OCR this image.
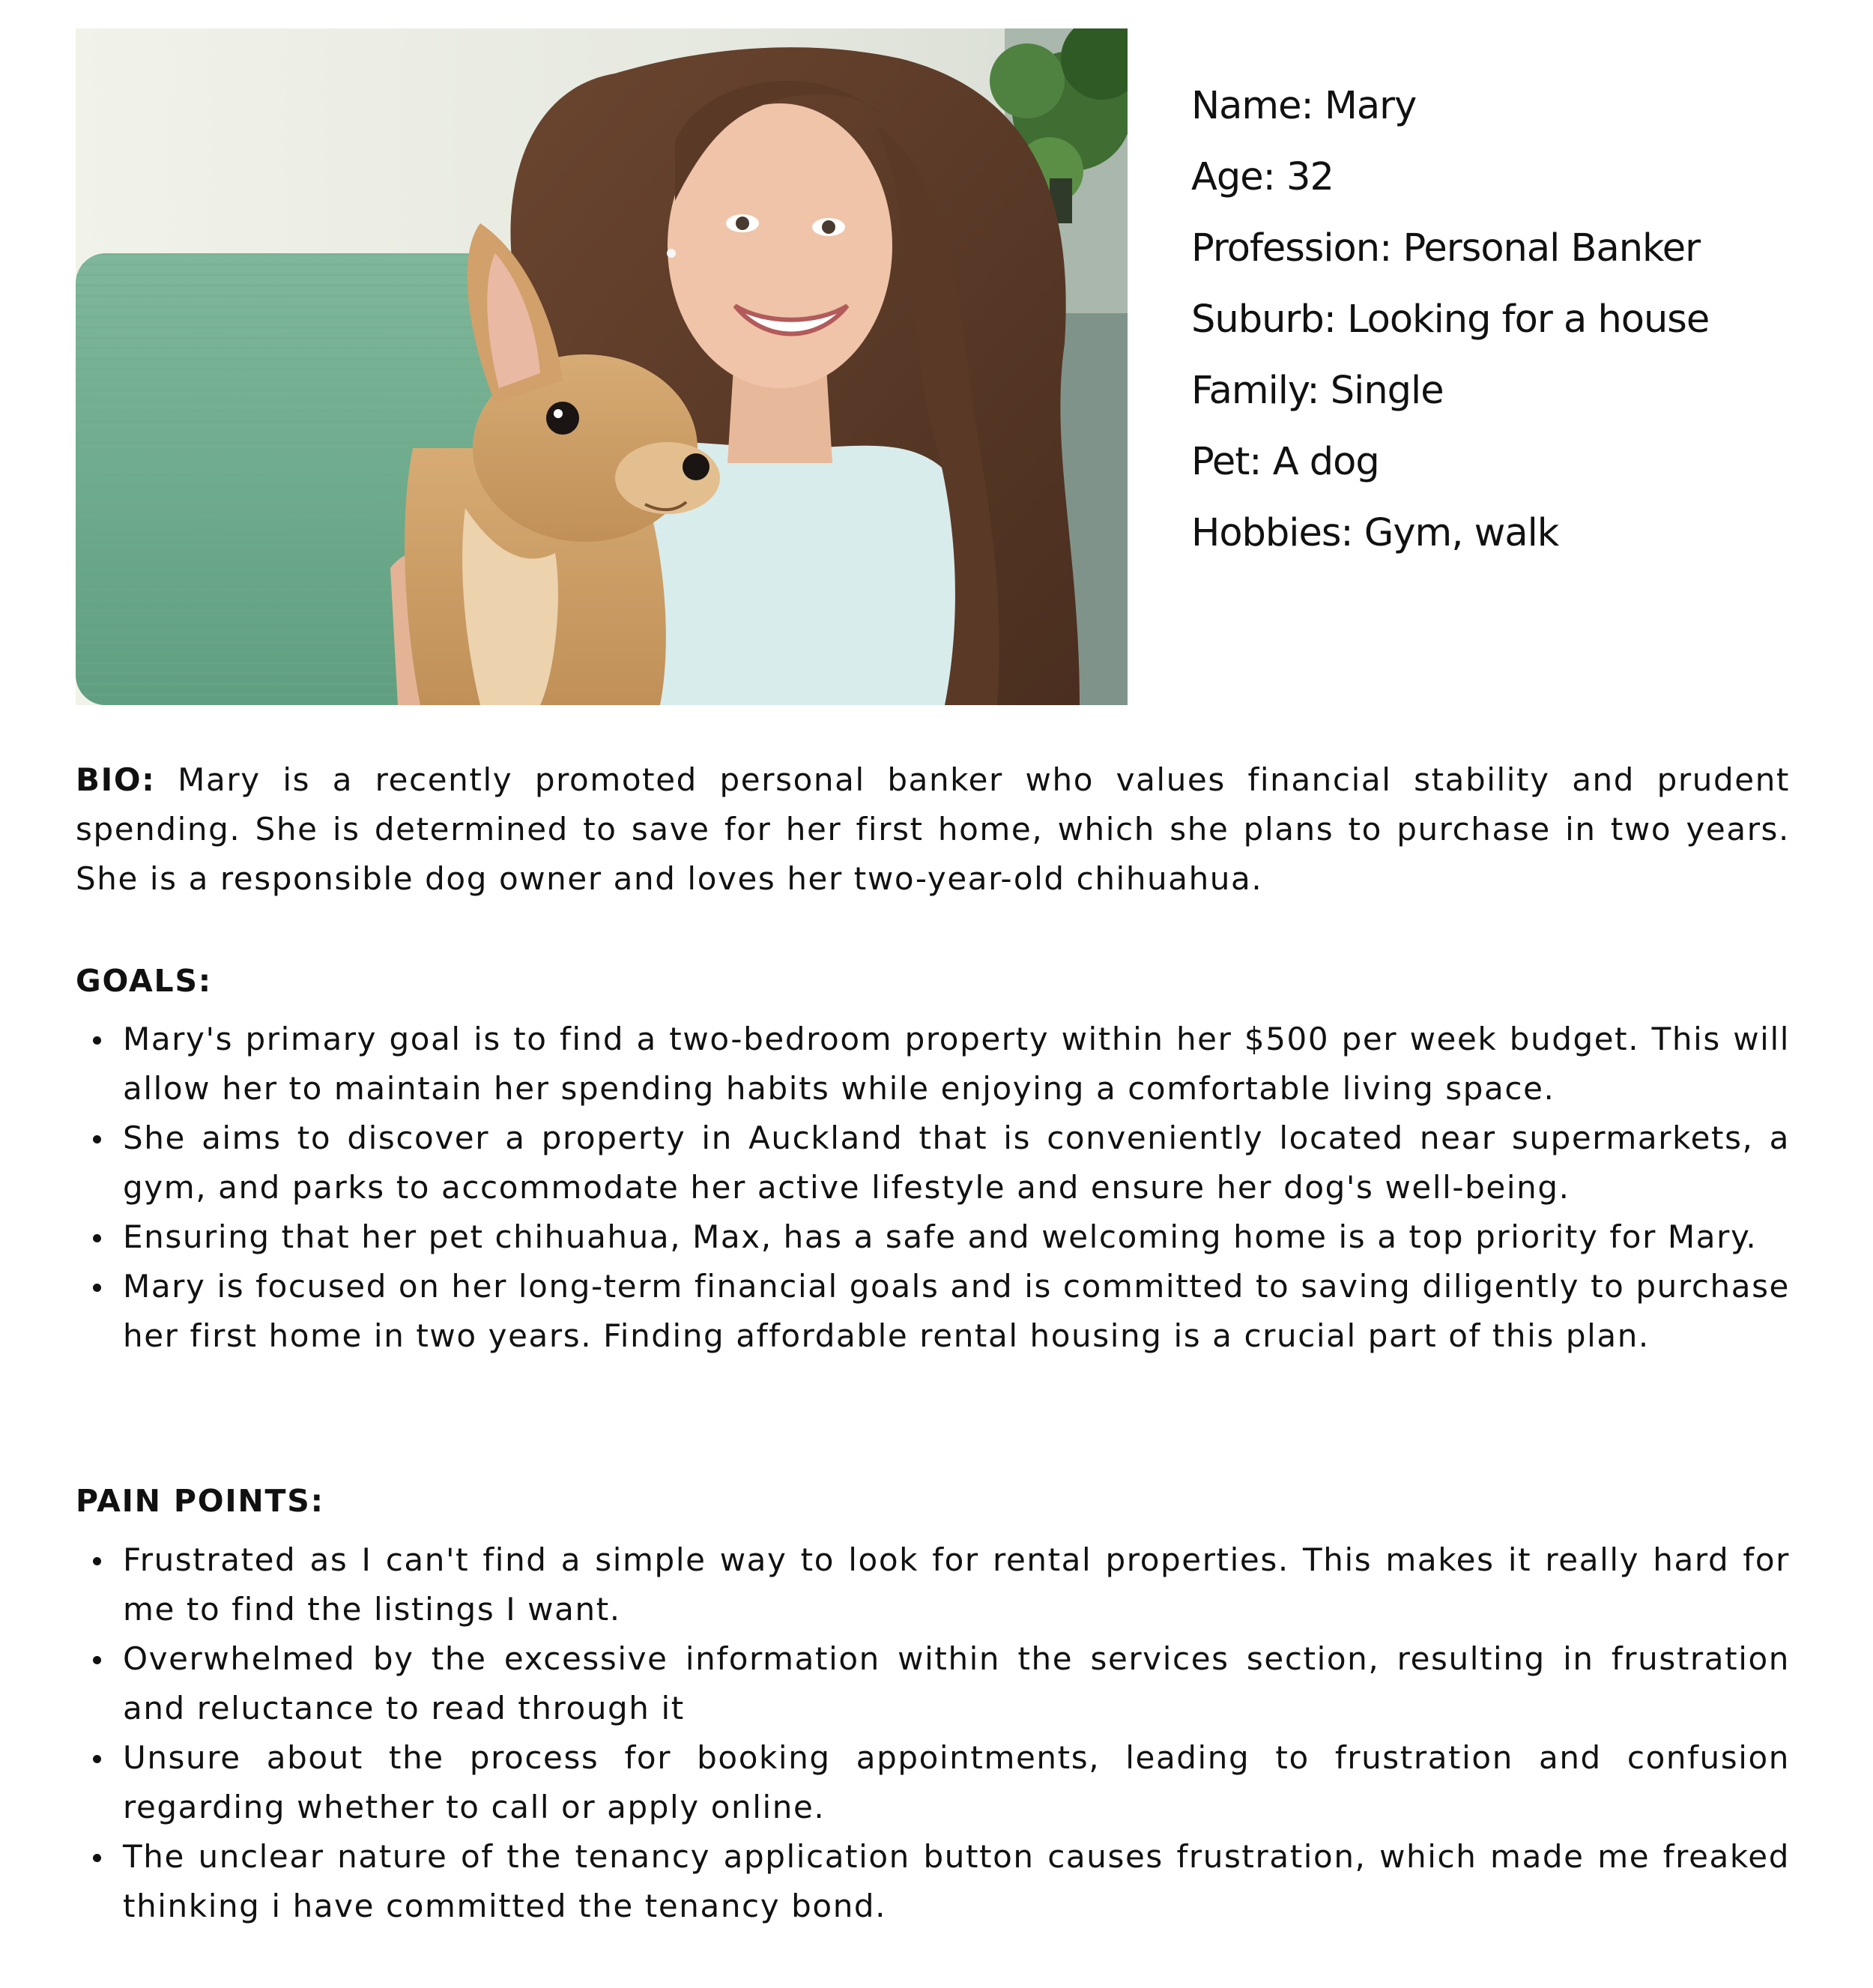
Name: Mary
Age: 32
Profession: Personal Banker
Suburb: Looking for a house
Family: Single
Pet: A dog
Hobbies: Gym, walk
BIO: Mary is a recently promoted personal banker who values financial stability and prudent spending. She is determined to save for her first home, which she plans to purchase in two years. She is a responsible dog owner and loves her two-year-old chihuahua.
GOALS:
Mary's primary goal is to find a two-bedroom property within her $500 per week budget. This will allow her to maintain her spending habits while enjoying a comfortable living space.
She aims to discover a property in Auckland that is conveniently located near supermarkets, a gym, and parks to accommodate her active lifestyle and ensure her dog's well-being.
Ensuring that her pet chihuahua, Max, has a safe and welcoming home is a top priority for Mary.
Mary is focused on her long-term financial goals and is committed to saving diligently to purchase her first home in two years. Finding affordable rental housing is a crucial part of this plan.
PAIN POINTS:
Frustrated as I can't find a simple way to look for rental properties. This makes it really hard for me to find the listings I want.
Overwhelmed by the excessive information within the services section, resulting in frustration and reluctance to read through it
Unsure about the process for booking appointments, leading to frustration and confusion regarding whether to call or apply online.
The unclear nature of the tenancy application button causes frustration, which made me freaked thinking i have committed the tenancy bond.
